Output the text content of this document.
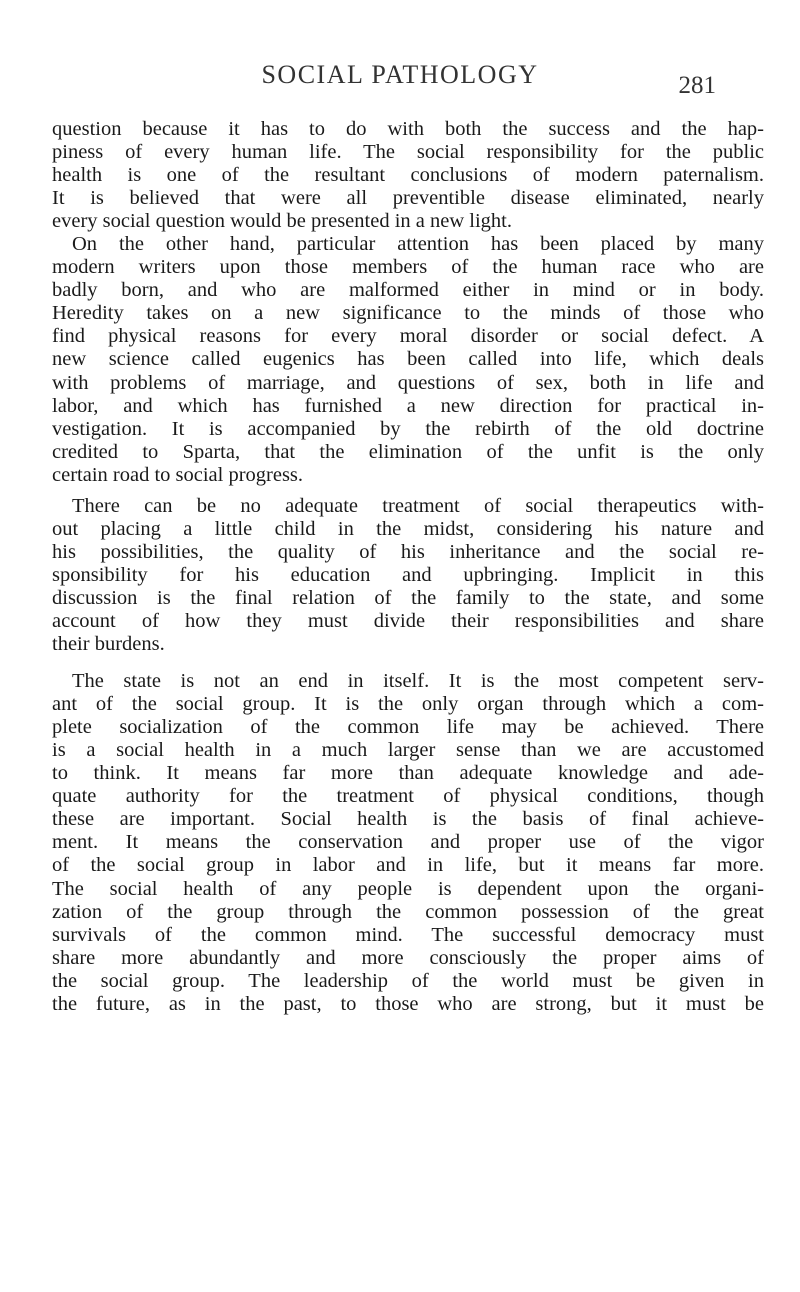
SOCIAL PATHOLOGY	281
question because it has to do with both the success and the hap-
piness of every human life. The social responsibility for the public
health is one of the resultant conclusions of modern paternalism.
It is believed that were all preventible disease eliminated, nearly
every social question would be presented in a new light.
On the other hand, particular attention has been placed by many
modern writers upon those members of the human race who are
badly born, and who are malformed either in mind or in body.
Heredity takes on a new significance to the minds of those who
find physical reasons for every moral disorder or social defect. A
new science called eugenics has been called into life, which deals
with problems of marriage, and questions of sex, both in life and
labor, and which has furnished a new direction for practical in-
vestigation. It is accompanied by the rebirth of the old doctrine
credited to Sparta, that the elimination of the unfit is the only
certain road to social progress.
There can be no adequate treatment of social therapeutics with-
out placing a little child in the midst, considering his nature and
his possibilities, the quality of his inheritance and the social re-
sponsibility for his education and upbringing. Implicit in this
discussion is the final relation of the family to the state, and some
account of how they must divide their responsibilities and share
their burdens.
The state is not an end in itself. It is the most competent serv-
ant of the social group. It is the only organ through which a com-
plete socialization of the common life may be achieved. There
is a social health in a much larger sense than we are accustomed
to think. It means far more than adequate knowledge and ade-
quate authority for the treatment of physical conditions, though
these are important. Social health is the basis of final achieve-
ment. It means the conservation and proper use of the vigor
of the social group in labor and in life, but it means far more.
The social health of any people is dependent upon the organi-
zation of the group through the common possession of the great
survivals of the common mind. The successful democracy must
share more abundantly and more consciously the proper aims of
the social group. The leadership of the world must be given in
the future, as in the past, to those who are strong, but it must be
